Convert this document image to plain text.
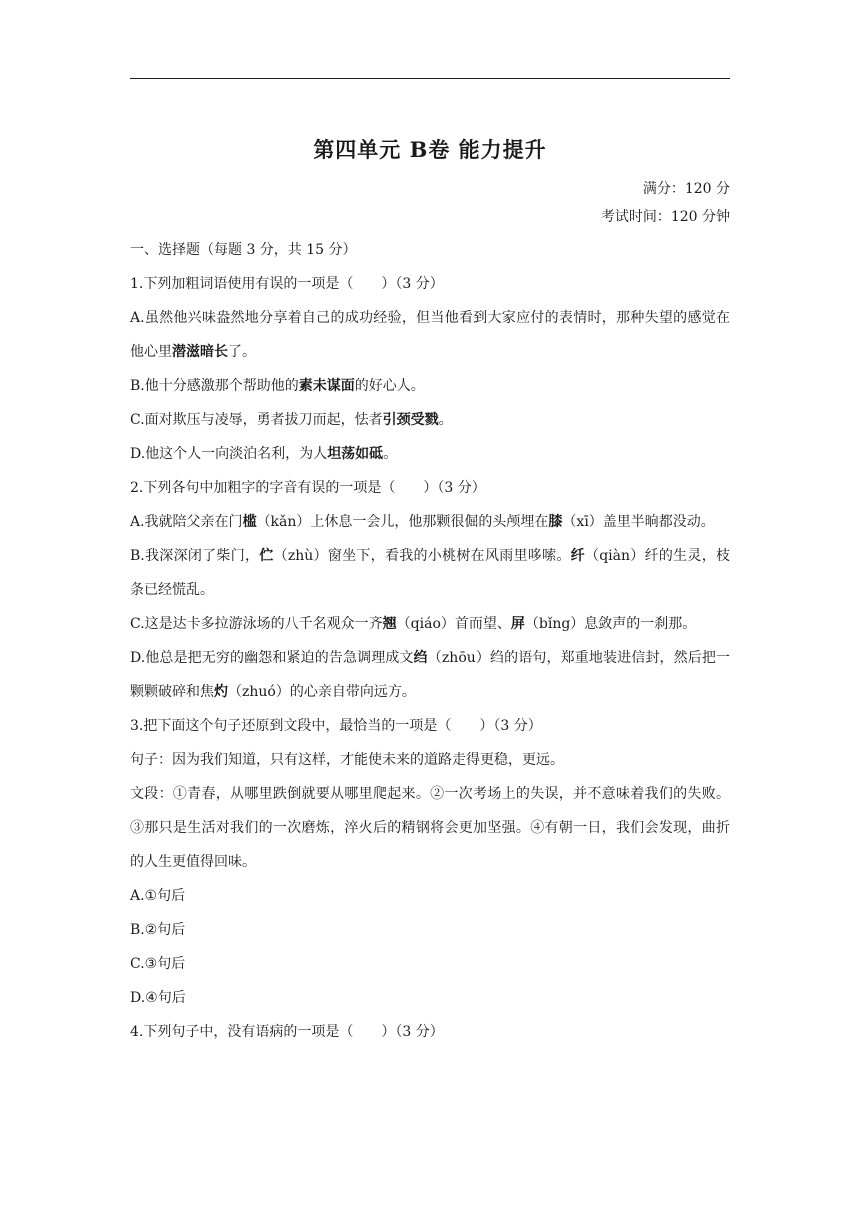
第四单元 B卷 能力提升
满分：120 分
考试时间：120 分钟

一、选择题（每题 3 分，共 15 分）

1.下列加粗词语使用有误的一项是（　　）（3 分）

A.虽然他兴味盎然地分享着自己的成功经验，但当他看到大家应付的表情时，那种失望的感觉在他心里潜滋暗长了。

B.他十分感激那个帮助他的素未谋面的好心人。

C.面对欺压与凌辱，勇者拔刀而起，怯者引颈受戮。

D.他这个人一向淡泊名利，为人坦荡如砥。

2.下列各句中加粗字的字音有误的一项是（　　）（3 分）

A.我就陪父亲在门槛（kǎn）上休息一会儿，他那颗很倔的头颅埋在膝（xī）盖里半晌都没动。

B.我深深闭了柴门，伫（zhù）窗坐下，看我的小桃树在风雨里哆嗦。纤（qiàn）纤的生灵，枝条已经慌乱。

C.这是达卡多拉游泳场的八千名观众一齐翘（qiáo）首而望、屏（bǐng）息敛声的一刹那。

D.他总是把无穷的幽怨和紧迫的告急调理成文绉（zhōu）绉的语句，郑重地装进信封，然后把一颗颗破碎和焦灼（zhuó）的心亲自带向远方。

3.把下面这个句子还原到文段中，最恰当的一项是（　　）（3 分）

句子：因为我们知道，只有这样，才能使未来的道路走得更稳，更远。

文段：①青春，从哪里跌倒就要从哪里爬起来。②一次考场上的失误，并不意味着我们的失败。③那只是生活对我们的一次磨炼，淬火后的精钢将会更加坚强。④有朝一日，我们会发现，曲折的人生更值得回味。

A.①句后

B.②句后

C.③句后

D.④句后

4.下列句子中，没有语病的一项是（　　）（3 分）
